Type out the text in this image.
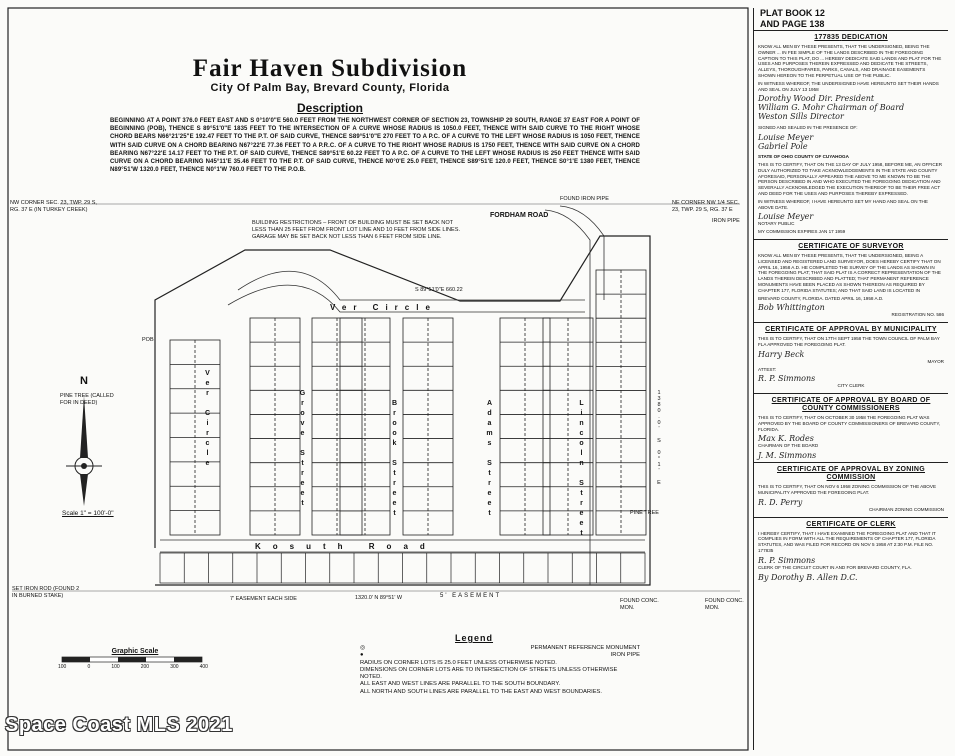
Fair Haven Subdivision
City Of Palm Bay, Brevard County, Florida
Description
BEGINNING AT A POINT 376.0 FEET EAST AND S 0°10'0"E 560.0 FEET FROM THE NORTHWEST CORNER OF SECTION 23, TOWNSHIP 29 SOUTH, RANGE 37 EAST FOR A POINT OF BEGINNING (POB), THENCE S 89°51'0"E 1835 FEET TO THE INTERSECTION OF A CURVE WHOSE RADIUS IS 1050.0 FEET, THENCE WITH SAID CURVE TO THE RIGHT WHOSE CHORD BEARS N66°21'25"E 192.47 FEET TO THE P.T. OF SAID CURVE, THENCE S89°51'0"E 270 FEET TO A P.C. OF A CURVE TO THE LEFT WHOSE RADIUS IS 1050 FEET, THENCE WITH SAID CURVE ON A CHORD BEARING N67°22'E 77.36 FEET TO A P.R.C. OF A CURVE TO THE RIGHT WHOSE RADIUS IS 1750 FEET, THENCE WITH SAID CURVE ON A CHORD BEARING N67°22'E 14.17 FEET TO THE P.T. OF SAID CURVE, THENCE S89°51'E 60.22 FEET TO A P.C. OF A CURVE TO THE LEFT WHOSE RADIUS IS 250 FEET THENCE WITH SAID CURVE ON A CHORD BEARING N45°11'E 35.46 FEET TO THE P.T. OF SAID CURVE, THENCE N0°0'E 25.0 FEET, THENCE S89°51'E 120.0 FEET, THENCE S0°1'E 1380 FEET, THENCE N89°51'W 1320.0 FEET, THENCE N0°1'W 760.0 FEET TO THE P.O.B.
Ver Circle
Kosuth Road
FORDHAM ROAD
Ver Circle	Grove Street	Brook Street	Adams Street	Lincoln Street
BUILDING RESTRICTIONS – FRONT OF BUILDING MUST BE SET BACK NOT LESS THAN 25 FEET FROM FRONT LOT LINE AND 10 FEET FROM SIDE LINES. GARAGE MAY BE SET BACK NOT LESS THAN 6 FEET FROM SIDE LINE.
NW CORNER SEC. 23, TWP. 29 S, RG. 37 E (IN TURKEY CREEK)
NE CORNER NW 1/4 SEC. 23, TWP. 29 S, RG. 37 E
FOUND IRON PIPE
IRON PIPE
PINE TREE (CALLED FOR IN DEED)
PINE TREE
POB
N
Scale 1" = 100'-0"
SET IRON ROD (FOUND 2 IN BURNED STAKE)	7' EASEMENT EACH SIDE	5' EASEMENT
FOUND CONC. MON.
FOUND CONC. MON.
1320.0' N 89°51' W
S 89°51'0"E 660.22
1380.0' S 0°1' E
Legend
◎	PERMANENT REFERENCE MONUMENT
●	IRON PIPE
RADIUS ON CORNER LOTS IS 25.0 FEET UNLESS OTHERWISE NOTED.
DIMENSIONS ON CORNER LOTS ARE TO INTERSECTION OF STREETS UNLESS OTHERWISE NOTED.
ALL EAST AND WEST LINES ARE PARALLEL TO THE SOUTH BOUNDARY.
ALL NORTH AND SOUTH LINES ARE PARALLEL TO THE EAST AND WEST BOUNDARIES.
Graphic Scale
100	0	100	200	300	400
PLAT BOOK 12
AND PAGE 138
177835 DEDICATION

KNOW ALL MEN BY THESE PRESENTS, THAT THE UNDERSIGNED, BEING THE OWNER ... IN FEE SIMPLE OF THE LANDS DESCRIBED IN THE FOREGOING CAPTION TO THIS PLAT, DO ... HEREBY DEDICATE SAID LANDS AND PLAT FOR THE USES AND PURPOSES THEREIN EXPRESSED AND DEDICATE THE STREETS, ALLEYS, THOROUGHFARES, PARKS, CANALS, AND DRAINAGE EASEMENTS SHOWN HEREON TO THE PERPETUAL USE OF THE PUBLIC.

IN WITNESS WHEREOF, THE UNDERSIGNED HAVE HEREUNTO SET THEIR HANDS AND SEAL ON JULY 13 1958

Dorothy Wood Dir. President
William G. Mohr Chairman of Board
Weston Sills Director

SIGNED AND SEALED IN THE PRESENCE OF:

Louise Meyer
Gabriel Pole

STATE OF OHIO COUNTY OF CUYAHOGA

THIS IS TO CERTIFY, THAT ON THE 13 DAY OF JULY 1958, BEFORE ME, AN OFFICER DULY AUTHORIZED TO TAKE ACKNOWLEDGEMENTS IN THE STATE AND COUNTY AFORESAID, PERSONALLY APPEARED THE ABOVE TO ME KNOWN TO BE THE PERSON DESCRIBED IN AND WHO EXECUTED THE FOREGOING DEDICATION AND SEVERALLY ACKNOWLEDGED THE EXECUTION THEREOF TO BE THEIR FREE ACT AND DEED FOR THE USES AND PURPOSES THEREBY EXPRESSED.

IN WITNESS WHEREOF, I HAVE HEREUNTO SET MY HAND AND SEAL ON THE ABOVE DATE.

Louise Meyer

NOTARY PUBLIC

MY COMMISSION EXPIRES JAN 17 1959

CERTIFICATE OF SURVEYOR

KNOW ALL MEN BY THESE PRESENTS, THAT THE UNDERSIGNED, BEING A LICENSED AND REGISTERED LAND SURVEYOR, DOES HEREBY CERTIFY THAT ON APRIL 16, 1958 A.D. HE COMPLETED THE SURVEY OF THE LANDS AS SHOWN IN THE FOREGOING PLAT; THAT SAID PLAT IS A CORRECT REPRESENTATION OF THE LANDS THEREIN DESCRIBED AND PLATTED; THAT PERMANENT REFERENCE MONUMENTS HAVE BEEN PLACED AS SHOWN THEREON AS REQUIRED BY CHAPTER 177, FLORIDA STATUTES; AND THAT SAID LAND IS LOCATED IN

BREVARD COUNTY, FLORIDA. DATED APRIL 16, 1958 A.D.

Bob Whittington

REGISTRATION NO. 586

CERTIFICATE OF APPROVAL BY MUNICIPALITY

THIS IS TO CERTIFY, THAT ON 17TH SEPT 1958 THE TOWN COUNCIL OF PALM BAY FLA APPROVED THE FOREGOING PLAT.

Harry Beck

MAYOR

ATTEST:

R. P. Simmons

CITY CLERK

CERTIFICATE OF APPROVAL BY BOARD OF COUNTY COMMISSIONERS

THIS IS TO CERTIFY, THAT ON OCTOBER 30 1958 THE FOREGOING PLAT WAS APPROVED BY THE BOARD OF COUNTY COMMISSIONERS OF BREVARD COUNTY, FLORIDA.

Max K. Rodes

CHAIRMAN OF THE BOARD

J. M. Simmons
CERTIFICATE OF APPROVAL BY ZONING COMMISSION

THIS IS TO CERTIFY, THAT ON NOV 6 1958 ZONING COMMISSION OF THE ABOVE MUNICIPALITY APPROVED THE FOREGOING PLAT.

R. D. Perry

CHAIRMAN ZONING COMMISSION

CERTIFICATE OF CLERK

I HEREBY CERTIFY, THAT I HAVE EXAMINED THE FOREGOING PLAT AND THAT IT COMPLIES IN FORM WITH ALL THE REQUIREMENTS OF CHAPTER 177, FLORIDA STATUTES, AND WAS FILED FOR RECORD ON NOV 5 1958 AT 2:30 P.M. FILE NO. 177835

R. P. Simmons

CLERK OF THE CIRCUIT COURT IN AND FOR BREVARD COUNTY, FLA.

By Dorothy B. Allen D.C.
Space Coast MLS 2021
